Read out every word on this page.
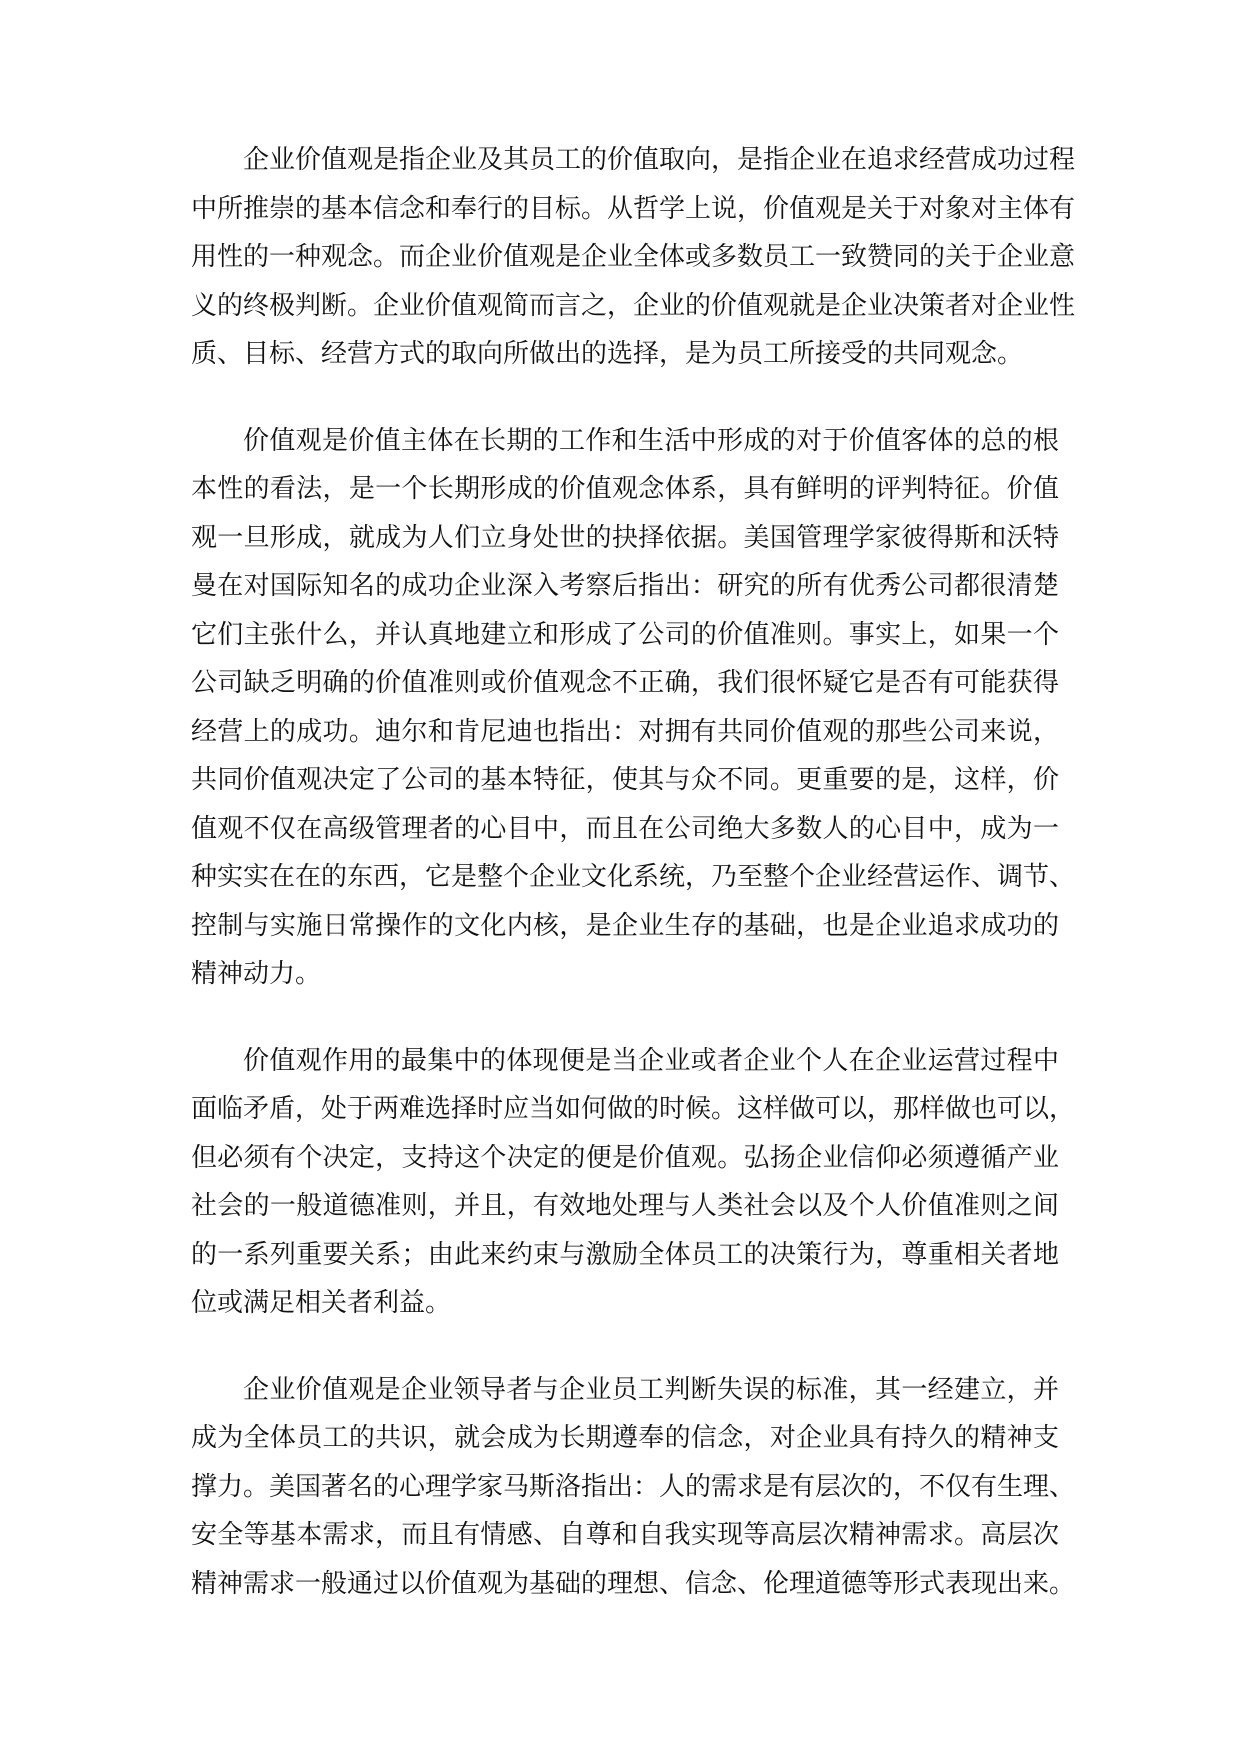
企业价值观是指企业及其员工的价值取向，是指企业在追求经营成功过程
中所推崇的基本信念和奉行的目标。从哲学上说，价值观是关于对象对主体有
用性的一种观念。而企业价值观是企业全体或多数员工一致赞同的关于企业意
义的终极判断。企业价值观简而言之，企业的价值观就是企业决策者对企业性
质、目标、经营方式的取向所做出的选择，是为员工所接受的共同观念。

价值观是价值主体在长期的工作和生活中形成的对于价值客体的总的根
本性的看法，是一个长期形成的价值观念体系，具有鲜明的评判特征。价值
观一旦形成，就成为人们立身处世的抉择依据。美国管理学家彼得斯和沃特
曼在对国际知名的成功企业深入考察后指出：研究的所有优秀公司都很清楚
它们主张什么，并认真地建立和形成了公司的价值准则。事实上，如果一个
公司缺乏明确的价值准则或价值观念不正确，我们很怀疑它是否有可能获得
经营上的成功。迪尔和肯尼迪也指出：对拥有共同价值观的那些公司来说，
共同价值观决定了公司的基本特征，使其与众不同。更重要的是，这样，价
值观不仅在高级管理者的心目中，而且在公司绝大多数人的心目中，成为一
种实实在在的东西，它是整个企业文化系统，乃至整个企业经营运作、调节、
控制与实施日常操作的文化内核，是企业生存的基础，也是企业追求成功的
精神动力。

价值观作用的最集中的体现便是当企业或者企业个人在企业运营过程中
面临矛盾，处于两难选择时应当如何做的时候。这样做可以，那样做也可以，
但必须有个决定，支持这个决定的便是价值观。弘扬企业信仰必须遵循产业
社会的一般道德准则，并且，有效地处理与人类社会以及个人价值准则之间
的一系列重要关系；由此来约束与激励全体员工的决策行为，尊重相关者地
位或满足相关者利益。

企业价值观是企业领导者与企业员工判断失误的标准，其一经建立，并
成为全体员工的共识，就会成为长期遵奉的信念，对企业具有持久的精神支
撑力。美国著名的心理学家马斯洛指出：人的需求是有层次的，不仅有生理、
安全等基本需求，而且有情感、自尊和自我实现等高层次精神需求。高层次
精神需求一般通过以价值观为基础的理想、信念、伦理道德等形式表现出来。
